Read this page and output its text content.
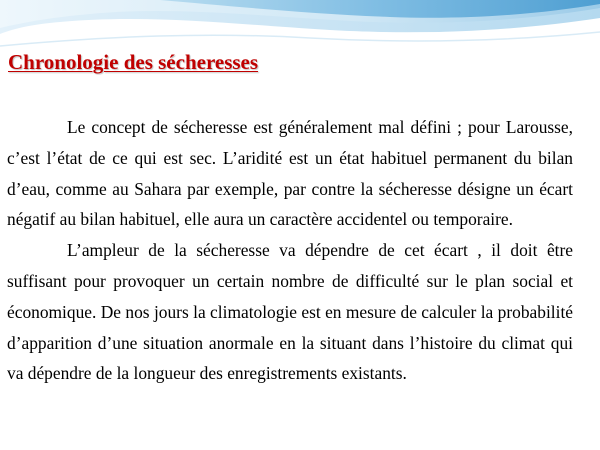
Chronologie des sécheresses

Le concept de sécheresse est généralement mal défini ; pour Larousse, c’est l’état de ce qui est sec. L’aridité est un état habituel permanent du bilan d’eau, comme au Sahara par exemple, par contre la sécheresse désigne un écart négatif au bilan habituel, elle aura un caractère accidentel ou temporaire.

L’ampleur de la sécheresse va dépendre de cet écart , il doit être suffisant pour provoquer un certain nombre de difficulté sur le plan social et économique. De nos jours la climatologie est en mesure de calculer la probabilité d’apparition d’une situation anormale en la situant dans l’histoire du climat qui va dépendre de la longueur des enregistrements existants.
